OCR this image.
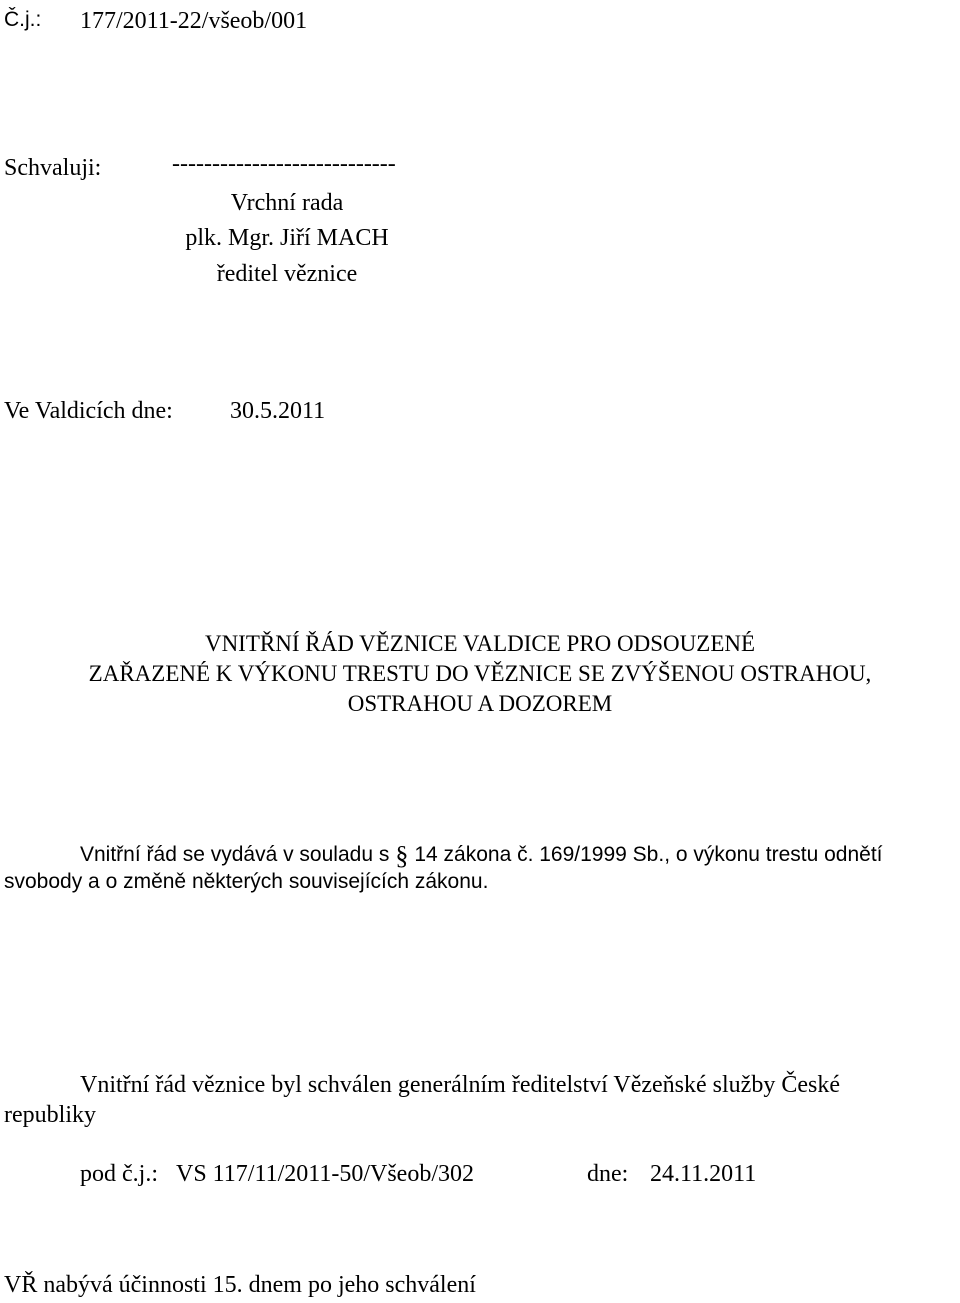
Č.j.: 177/2011-22/všeob/001
Schvaluji:	----------------------------
Vrchní rada
plk. Mgr. Jiří MACH
ředitel věznice
Ve Valdicích dne: 30.5.2011
VNITŘNÍ ŘÁD VĚZNICE VALDICE PRO ODSOUZENÉ
ZAŘAZENÉ K VÝKONU TRESTU DO VĚZNICE SE ZVÝŠENOU OSTRAHOU,
OSTRAHOU A DOZOREM
Vnitřní řád se vydává v souladu s § 14 zákona č. 169/1999 Sb., o výkonu trestu odnětí
svobody a o změně některých souvisejících zákonu.
Vnitřní řád věznice byl schválen generálním ředitelství Vězeňské služby České
republiky
pod č.j.: VS 117/11/2011-50/Všeob/302	dne: 24.11.2011
VŘ nabývá účinnosti 15. dnem po jeho schválení
